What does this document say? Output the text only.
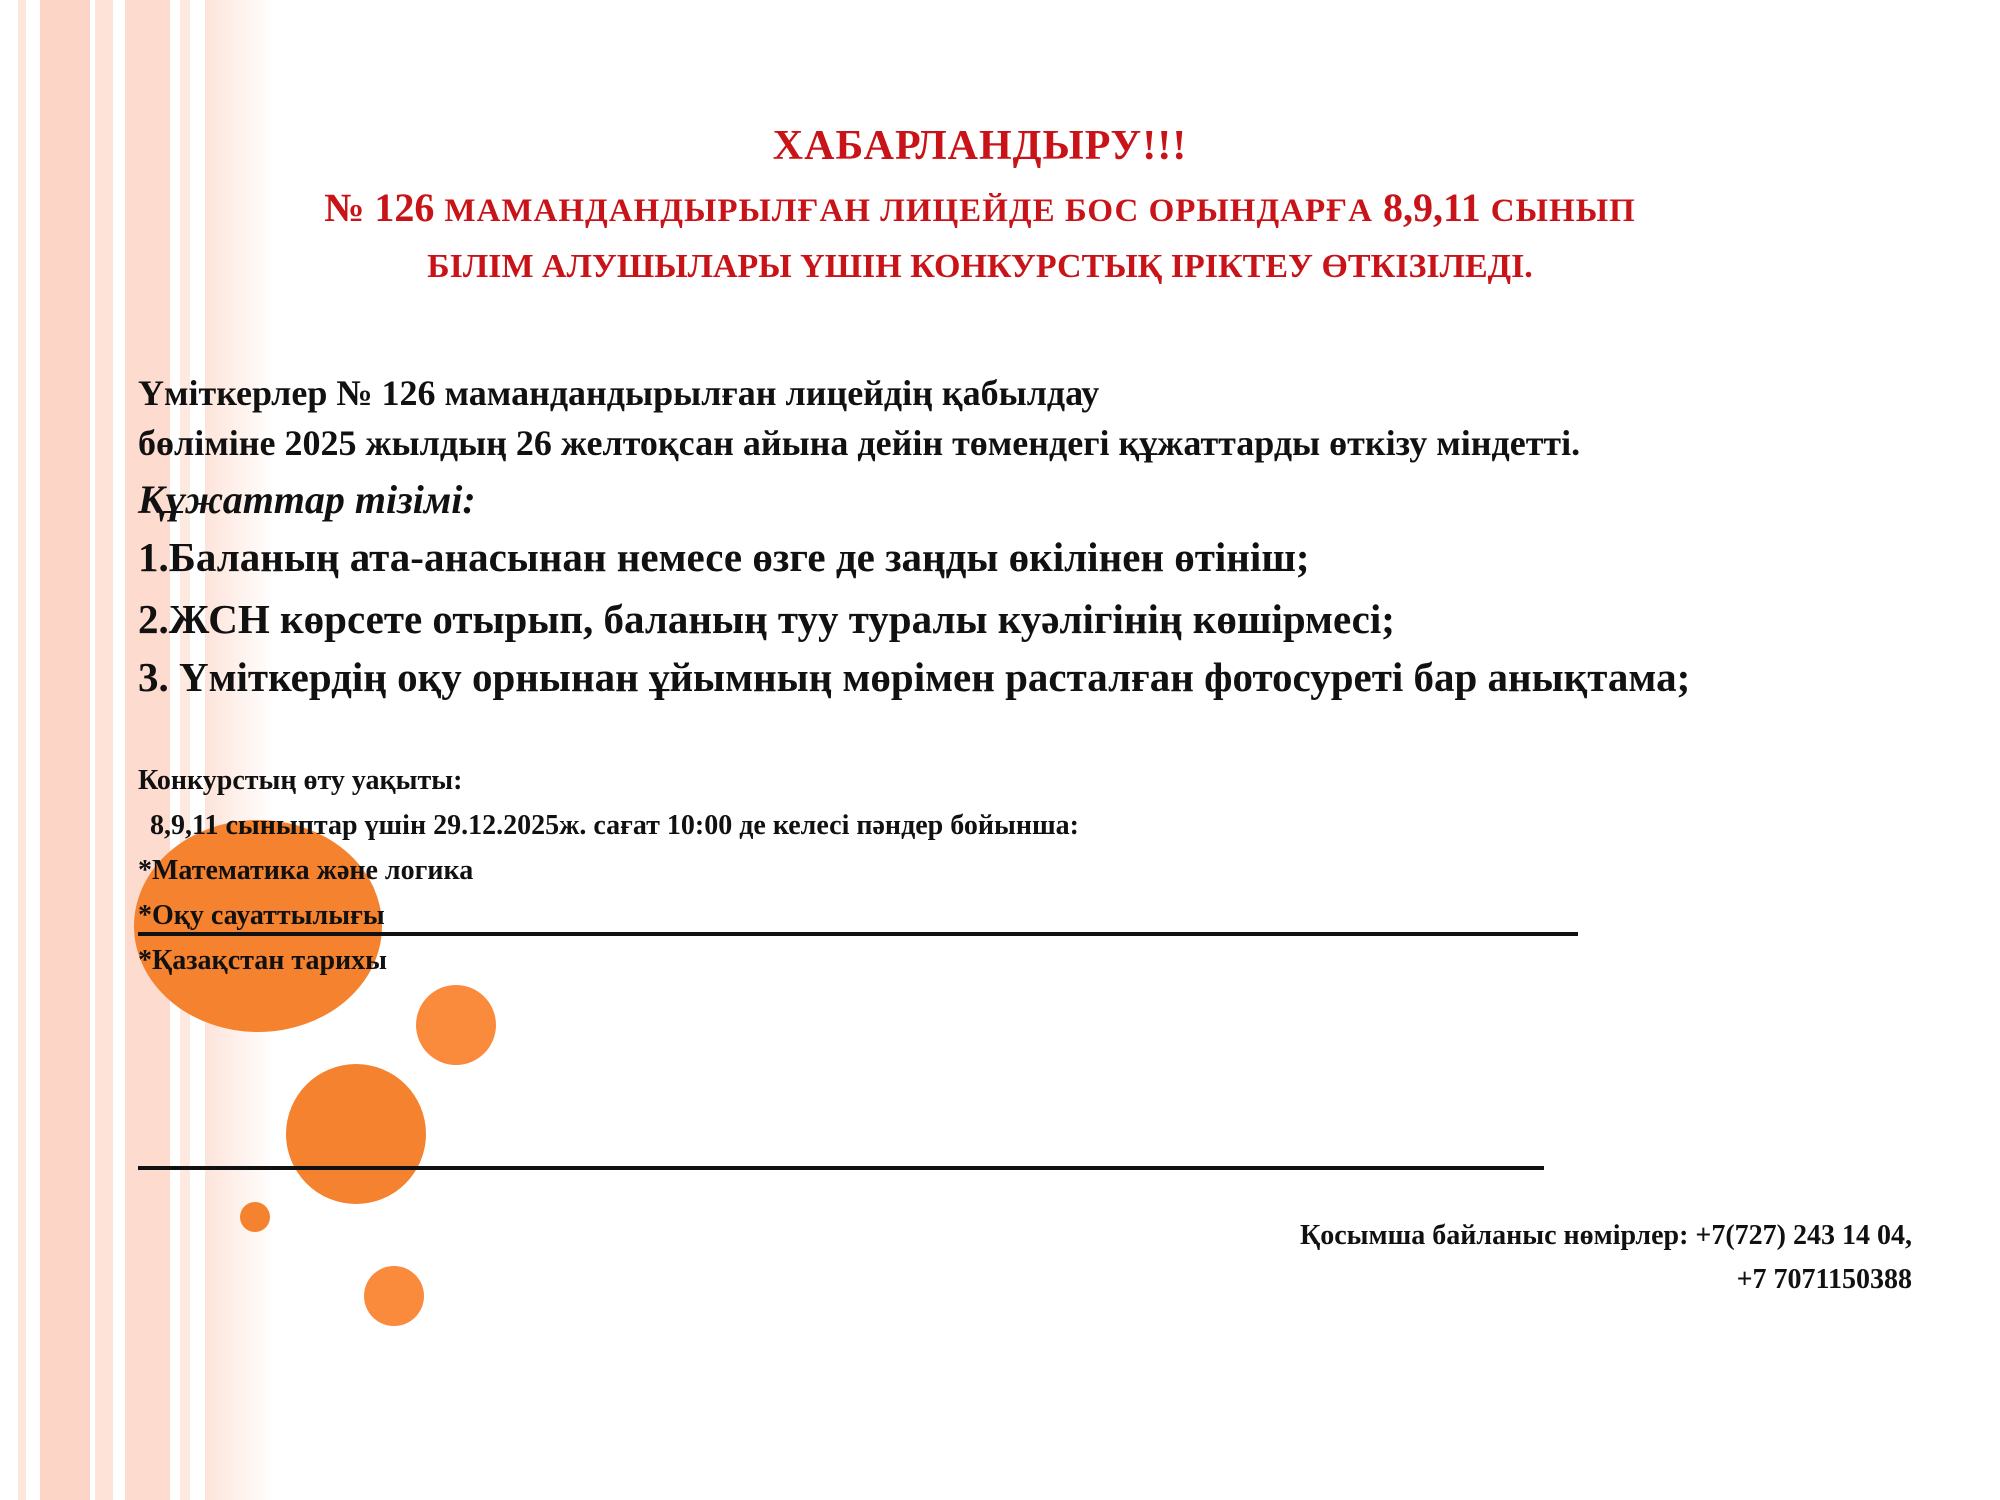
ХАБАРЛАНДЫРУ!!!
№ 126 МАМАНДАНДЫРЫЛҒАН ЛИЦЕЙДЕ БОС ОРЫНДАРҒА 8,9,11 СЫНЫП
БІЛІМ АЛУШЫЛАРЫ ҮШІН КОНКУРСТЫҚ ІРІКТЕУ ӨТКІЗІЛЕДІ.
Үміткерлер № 126 мамандандырылған лицейдің қабылдау
бөліміне 2025 жылдың 26 желтоқсан айына дейін төмендегі құжаттарды өткізу міндетті.
Құжаттар тізімі:
1.Баланың ата-анасынан немесе өзге де заңды өкілінен өтініш;
2.ЖСН көрсете отырып, баланың туу туралы куәлігінің көшірмесі;
3. Үміткердің оқу орнынан ұйымның мөрімен расталған фотосуреті бар анықтама;
Конкурстың өту уақыты:
8,9,11 сыныптар үшін 29.12.2025ж. сағат 10:00 де келесі пәндер бойынша:
*Математика және логика
*Оқу сауаттылығы
*Қазақстан тарихы
Қосымша байланыс нөмірлер: +7(727) 243 14 04,
+7 7071150388
